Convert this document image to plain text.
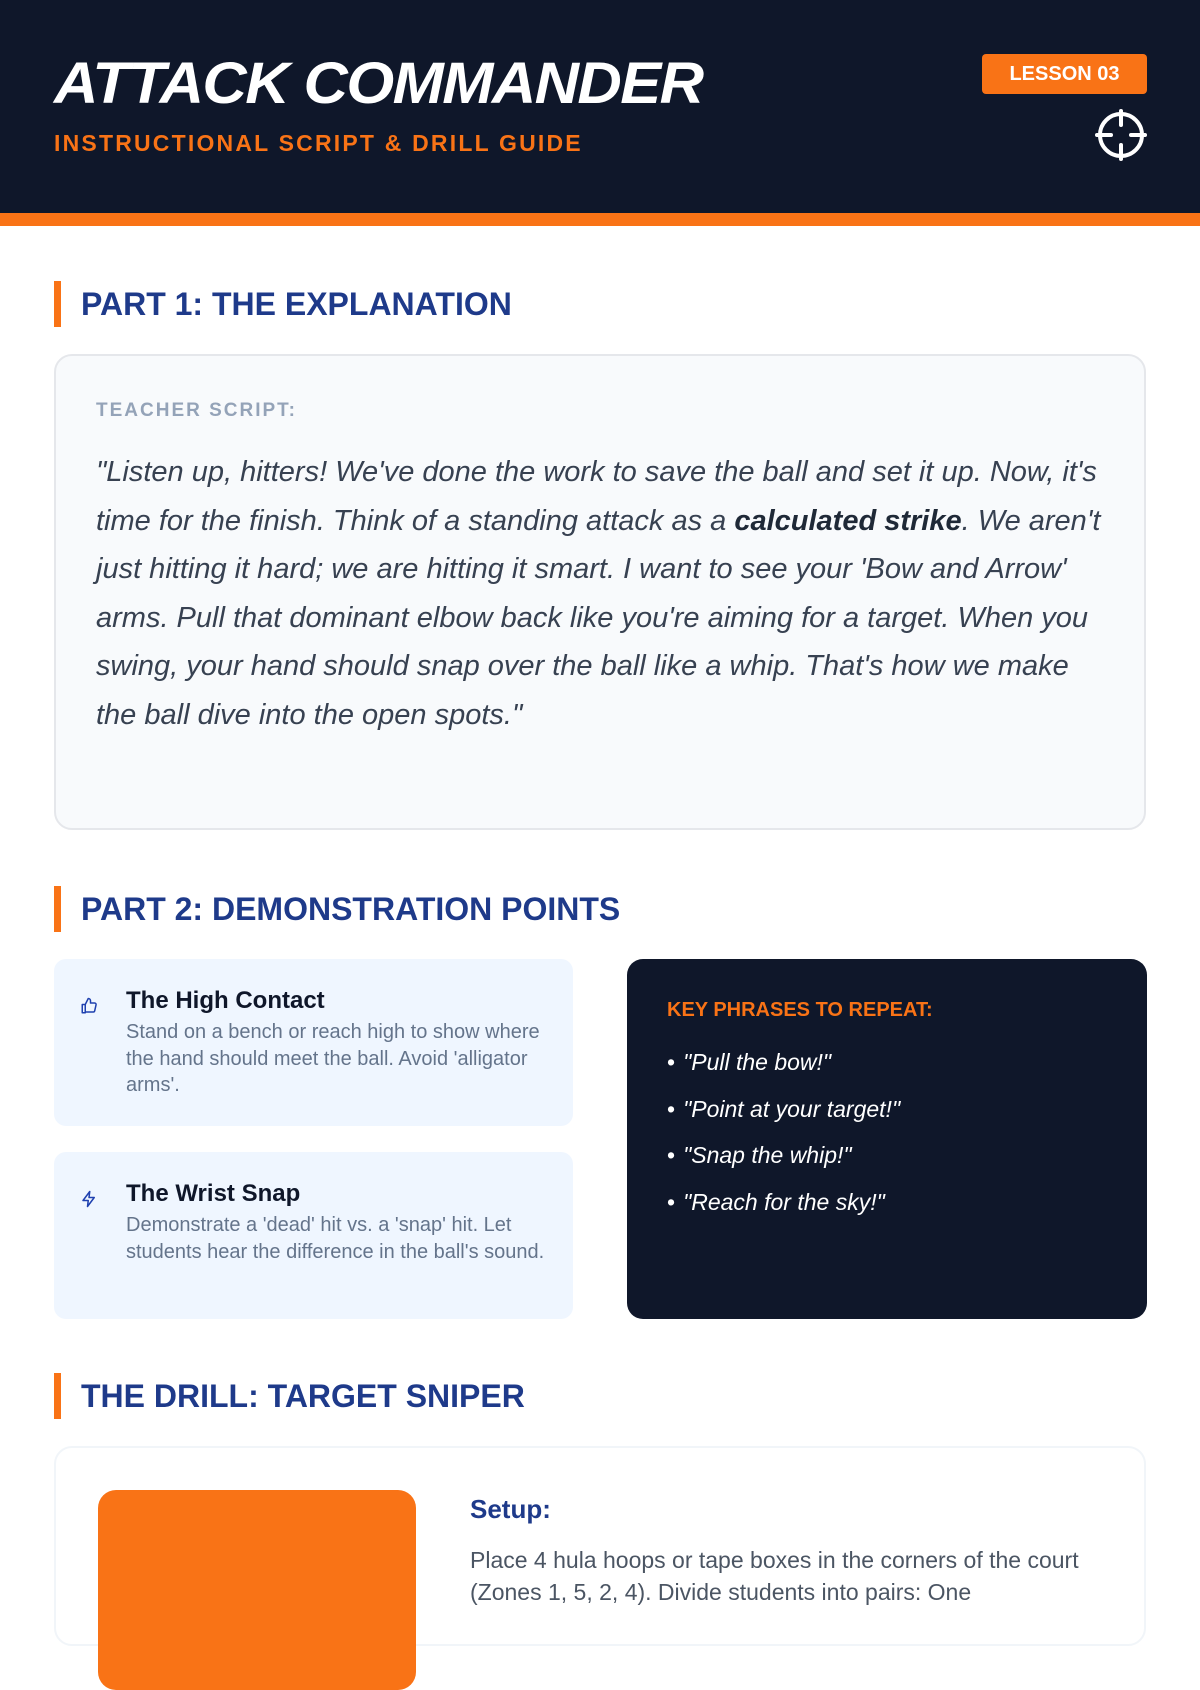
ATTACK COMMANDER
INSTRUCTIONAL SCRIPT & DRILL GUIDE
LESSON 03
PART 1: THE EXPLANATION
TEACHER SCRIPT:
"Listen up, hitters! We've done the work to save the ball and set it up. Now, it's time for the finish. Think of a standing attack as a calculated strike. We aren't just hitting it hard; we are hitting it smart. I want to see your 'Bow and Arrow' arms. Pull that dominant elbow back like you're aiming for a target. When you swing, your hand should snap over the ball like a whip. That's how we make the ball dive into the open spots."
PART 2: DEMONSTRATION POINTS
The High Contact
Stand on a bench or reach high to show where the hand should meet the ball. Avoid 'alligator arms'.
The Wrist Snap
Demonstrate a 'dead' hit vs. a 'snap' hit. Let students hear the difference in the ball's sound.
KEY PHRASES TO REPEAT:
• "Pull the bow!"
• "Point at your target!"
• "Snap the whip!"
• "Reach for the sky!"
THE DRILL: TARGET SNIPER
Setup:
Place 4 hula hoops or tape boxes in the corners of the court (Zones 1, 5, 2, 4). Divide students into pairs: One
